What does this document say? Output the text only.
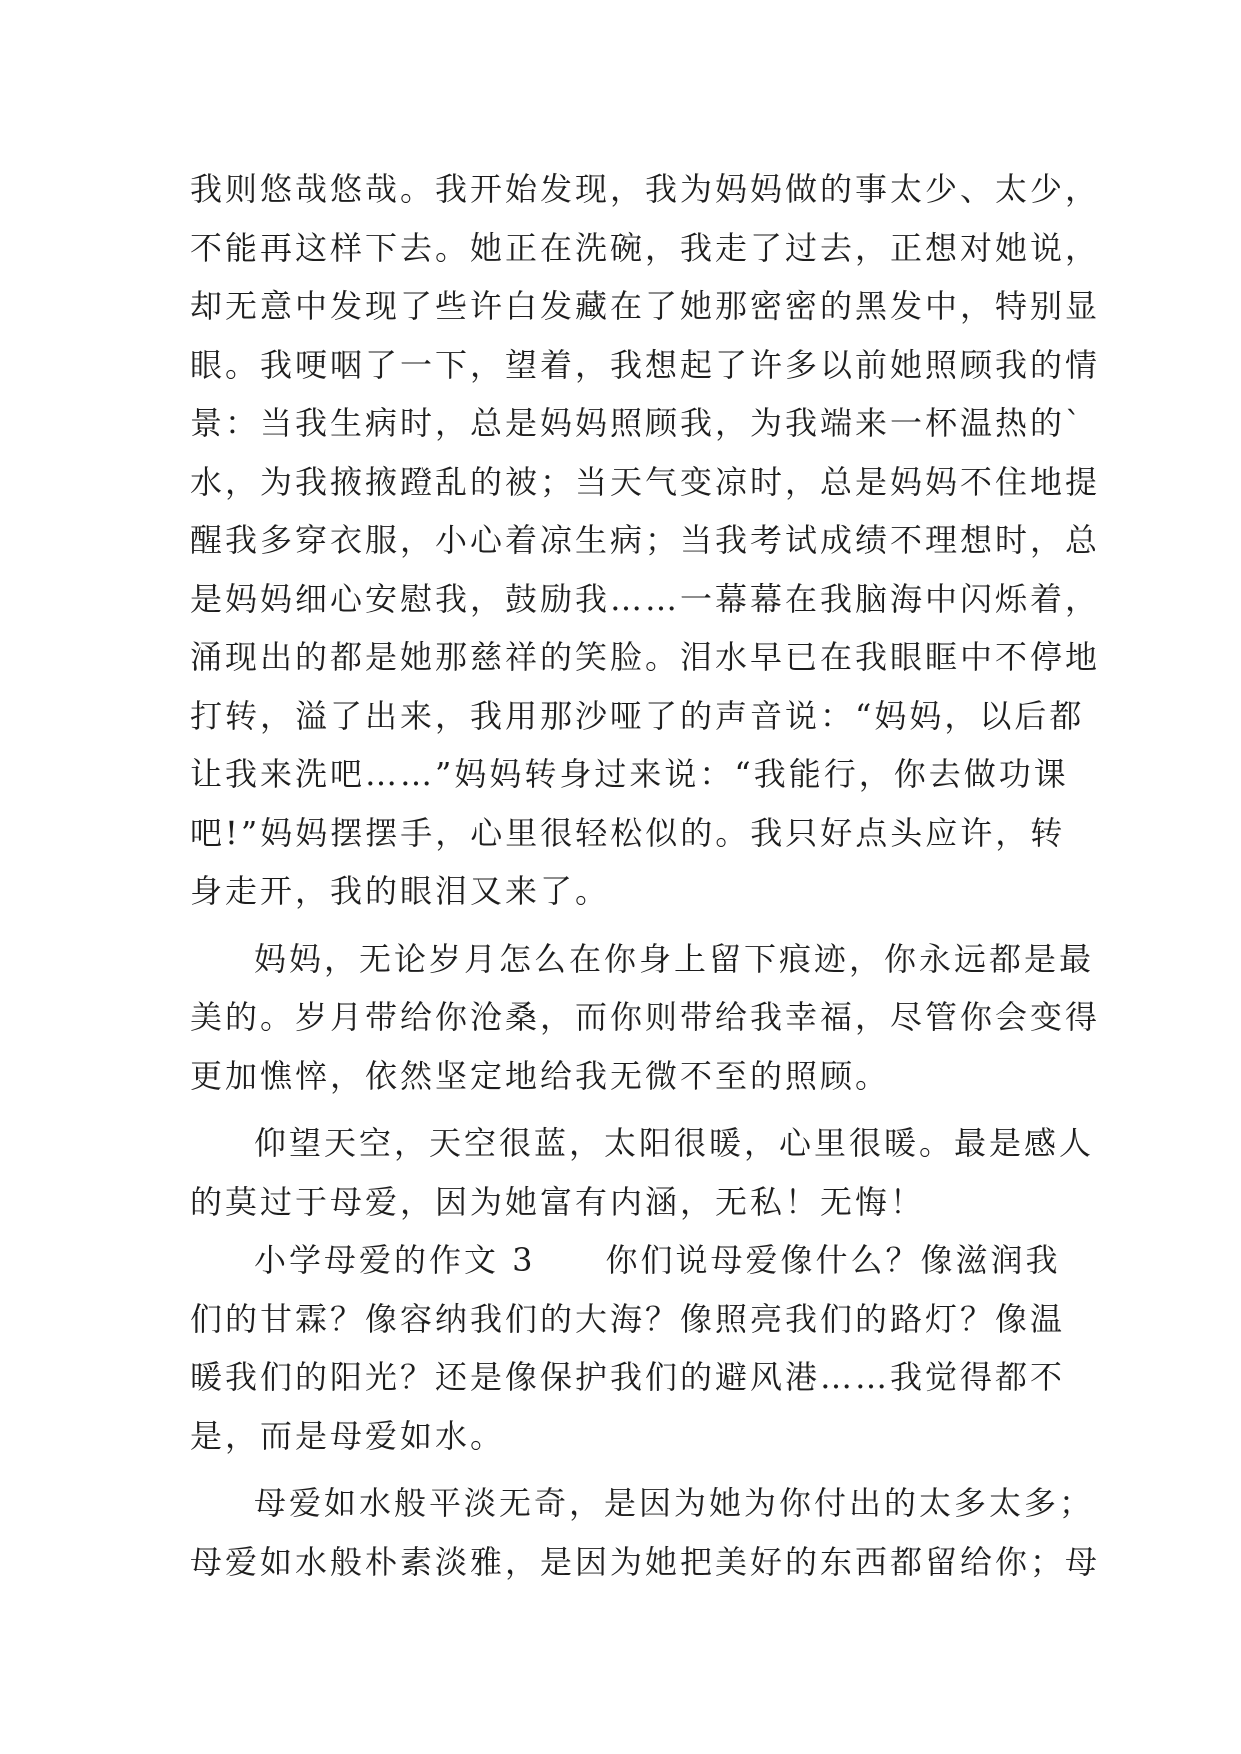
我则悠哉悠哉。我开始发现，我为妈妈做的事太少、太少，
不能再这样下去。她正在洗碗，我走了过去，正想对她说，
却无意中发现了些许白发藏在了她那密密的黑发中，特别显
眼。我哽咽了一下，望着，我想起了许多以前她照顾我的情
景：当我生病时，总是妈妈照顾我，为我端来一杯温热的`
水，为我掖掖蹬乱的被；当天气变凉时，总是妈妈不住地提
醒我多穿衣服，小心着凉生病；当我考试成绩不理想时，总
是妈妈细心安慰我，鼓励我……一幕幕在我脑海中闪烁着，
涌现出的都是她那慈祥的笑脸。泪水早已在我眼眶中不停地
打转，溢了出来，我用那沙哑了的声音说：“妈妈，以后都
让我来洗吧……”妈妈转身过来说：“我能行，你去做功课
吧!”妈妈摆摆手，心里很轻松似的。我只好点头应许，转
身走开，我的眼泪又来了。
妈妈，无论岁月怎么在你身上留下痕迹，你永远都是最
美的。岁月带给你沧桑，而你则带给我幸福，尽管你会变得
更加憔悴，依然坚定地给我无微不至的照顾。
仰望天空，天空很蓝，太阳很暖，心里很暖。最是感人
的莫过于母爱，因为她富有内涵，无私！无悔！
小学母爱的作文 3　　你们说母爱像什么？像滋润我
们的甘霖？像容纳我们的大海？像照亮我们的路灯？像温
暖我们的阳光？还是像保护我们的避风港……我觉得都不
是，而是母爱如水。
母爱如水般平淡无奇，是因为她为你付出的太多太多；
母爱如水般朴素淡雅，是因为她把美好的东西都留给你；母
